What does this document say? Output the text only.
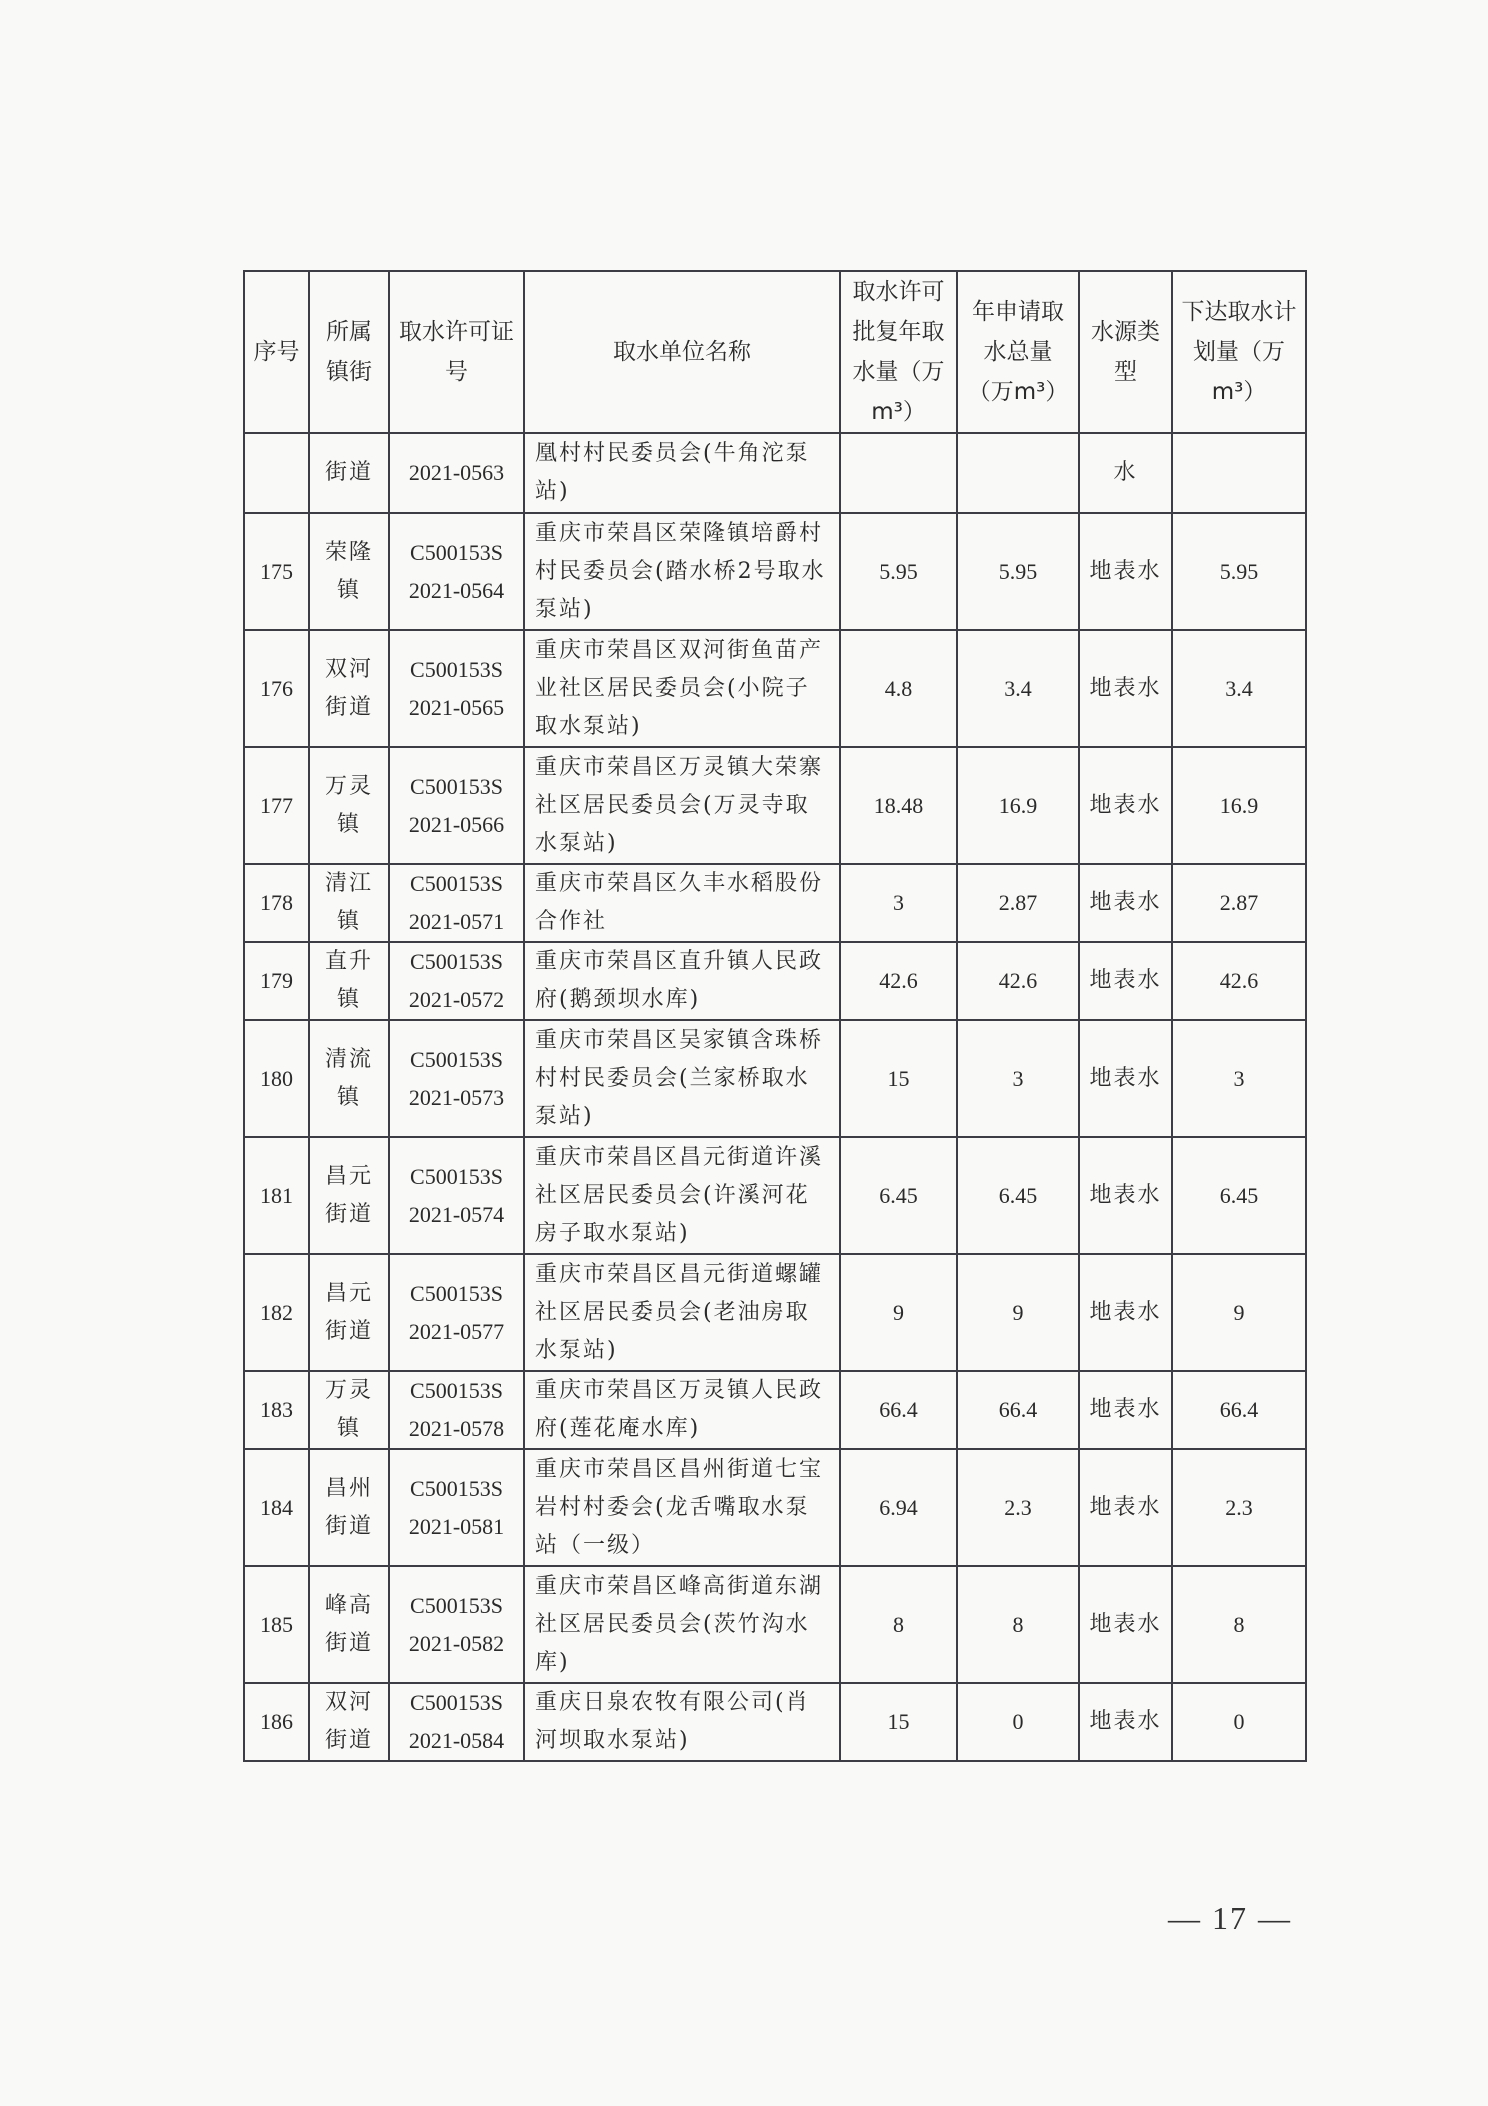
序号	所属镇街	取水许可证号	取水单位名称	取水许可批复年取水量（万m³）	年申请取水总量（万m³）	水源类型	下达取水计划量（万m³）
	街道	2021-0563	凰村村民委员会(牛角沱泵站)			水	
175	荣隆镇	C500153S 2021-0564	重庆市荣昌区荣隆镇培爵村村民委员会(踏水桥2号取水泵站)	5.95	5.95	地表水	5.95
176	双河街道	C500153S 2021-0565	重庆市荣昌区双河街鱼苗产业社区居民委员会(小院子取水泵站)	4.8	3.4	地表水	3.4
177	万灵镇	C500153S 2021-0566	重庆市荣昌区万灵镇大荣寨社区居民委员会(万灵寺取水泵站)	18.48	16.9	地表水	16.9
178	清江镇	C500153S 2021-0571	重庆市荣昌区久丰水稻股份合作社	3	2.87	地表水	2.87
179	直升镇	C500153S 2021-0572	重庆市荣昌区直升镇人民政府(鹅颈坝水库)	42.6	42.6	地表水	42.6
180	清流镇	C500153S 2021-0573	重庆市荣昌区吴家镇含珠桥村村民委员会(兰家桥取水泵站)	15	3	地表水	3
181	昌元街道	C500153S 2021-0574	重庆市荣昌区昌元街道许溪社区居民委员会(许溪河花房子取水泵站)	6.45	6.45	地表水	6.45
182	昌元街道	C500153S 2021-0577	重庆市荣昌区昌元街道螺罐社区居民委员会(老油房取水泵站)	9	9	地表水	9
183	万灵镇	C500153S 2021-0578	重庆市荣昌区万灵镇人民政府(莲花庵水库)	66.4	66.4	地表水	66.4
184	昌州街道	C500153S 2021-0581	重庆市荣昌区昌州街道七宝岩村村委会(龙舌嘴取水泵站（一级）	6.94	2.3	地表水	2.3
185	峰高街道	C500153S 2021-0582	重庆市荣昌区峰高街道东湖社区居民委员会(茨竹沟水库)	8	8	地表水	8
186	双河街道	C500153S 2021-0584	重庆日泉农牧有限公司(肖河坝取水泵站)	15	0	地表水	0
— 17 —
